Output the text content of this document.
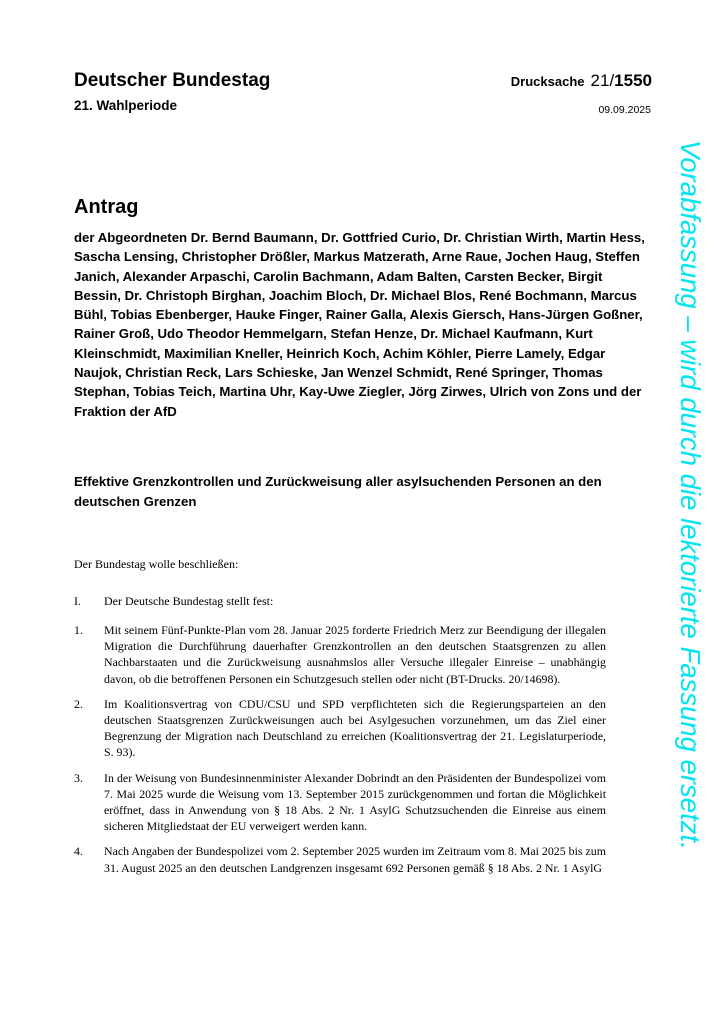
Deutscher Bundestag
21. Wahlperiode
Drucksache 21/1550
09.09.2025
Antrag
der Abgeordneten Dr. Bernd Baumann, Dr. Gottfried Curio, Dr. Christian Wirth, Martin Hess, Sascha Lensing, Christopher Drößler, Markus Matzerath, Arne Raue, Jochen Haug, Steffen Janich, Alexander Arpaschi, Carolin Bachmann, Adam Balten, Carsten Becker, Birgit Bessin, Dr. Christoph Birghan, Joachim Bloch, Dr. Michael Blos, René Bochmann, Marcus Bühl, Tobias Ebenberger, Hauke Finger, Rainer Galla, Alexis Giersch, Hans-Jürgen Goßner, Rainer Groß, Udo Theodor Hemmelgarn, Stefan Henze, Dr. Michael Kaufmann, Kurt Kleinschmidt, Maximilian Kneller, Heinrich Koch, Achim Köhler, Pierre Lamely, Edgar Naujok, Christian Reck, Lars Schieske, Jan Wenzel Schmidt, René Springer, Thomas Stephan, Tobias Teich, Martina Uhr, Kay-Uwe Ziegler, Jörg Zirwes, Ulrich von Zons und der Fraktion der AfD
Effektive Grenzkontrollen und Zurückweisung aller asylsuchenden Personen an den deutschen Grenzen
Der Bundestag wolle beschließen:
I. Der Deutsche Bundestag stellt fest:
1.	Mit seinem Fünf-Punkte-Plan vom 28. Januar 2025 forderte Friedrich Merz zur Beendigung der illegalen Migration die Durchführung dauerhafter Grenzkontrollen an den deutschen Staatsgrenzen zu allen Nachbarstaaten und die Zurückweisung ausnahmslos aller Versuche illegaler Einreise – unabhängig davon, ob die betroffenen Personen ein Schutzgesuch stellen oder nicht (BT-Drucks. 20/14698).
2.	Im Koalitionsvertrag von CDU/CSU und SPD verpflichteten sich die Regierungsparteien an den deutschen Staatsgrenzen Zurückweisungen auch bei Asylgesuchen vorzunehmen, um das Ziel einer Begrenzung der Migration nach Deutschland zu erreichen (Koalitionsvertrag der 21. Legislaturperiode, S. 93).
3.	In der Weisung von Bundesinnenminister Alexander Dobrindt an den Präsidenten der Bundespolizei vom 7. Mai 2025 wurde die Weisung vom 13. September 2015 zurückgenommen und fortan die Möglichkeit eröffnet, dass in Anwendung von § 18 Abs. 2 Nr. 1 AsylG Schutzsuchenden die Einreise aus einem sicheren Mitgliedstaat der EU verweigert werden kann.
4.	Nach Angaben der Bundespolizei vom 2. September 2025 wurden im Zeitraum vom 8. Mai 2025 bis zum 31. August 2025 an den deutschen Landgrenzen insgesamt 692 Personen gemäß § 18 Abs. 2 Nr. 1 AsylG
Vorabfassung – wird durch die lektorierte Fassung ersetzt.
